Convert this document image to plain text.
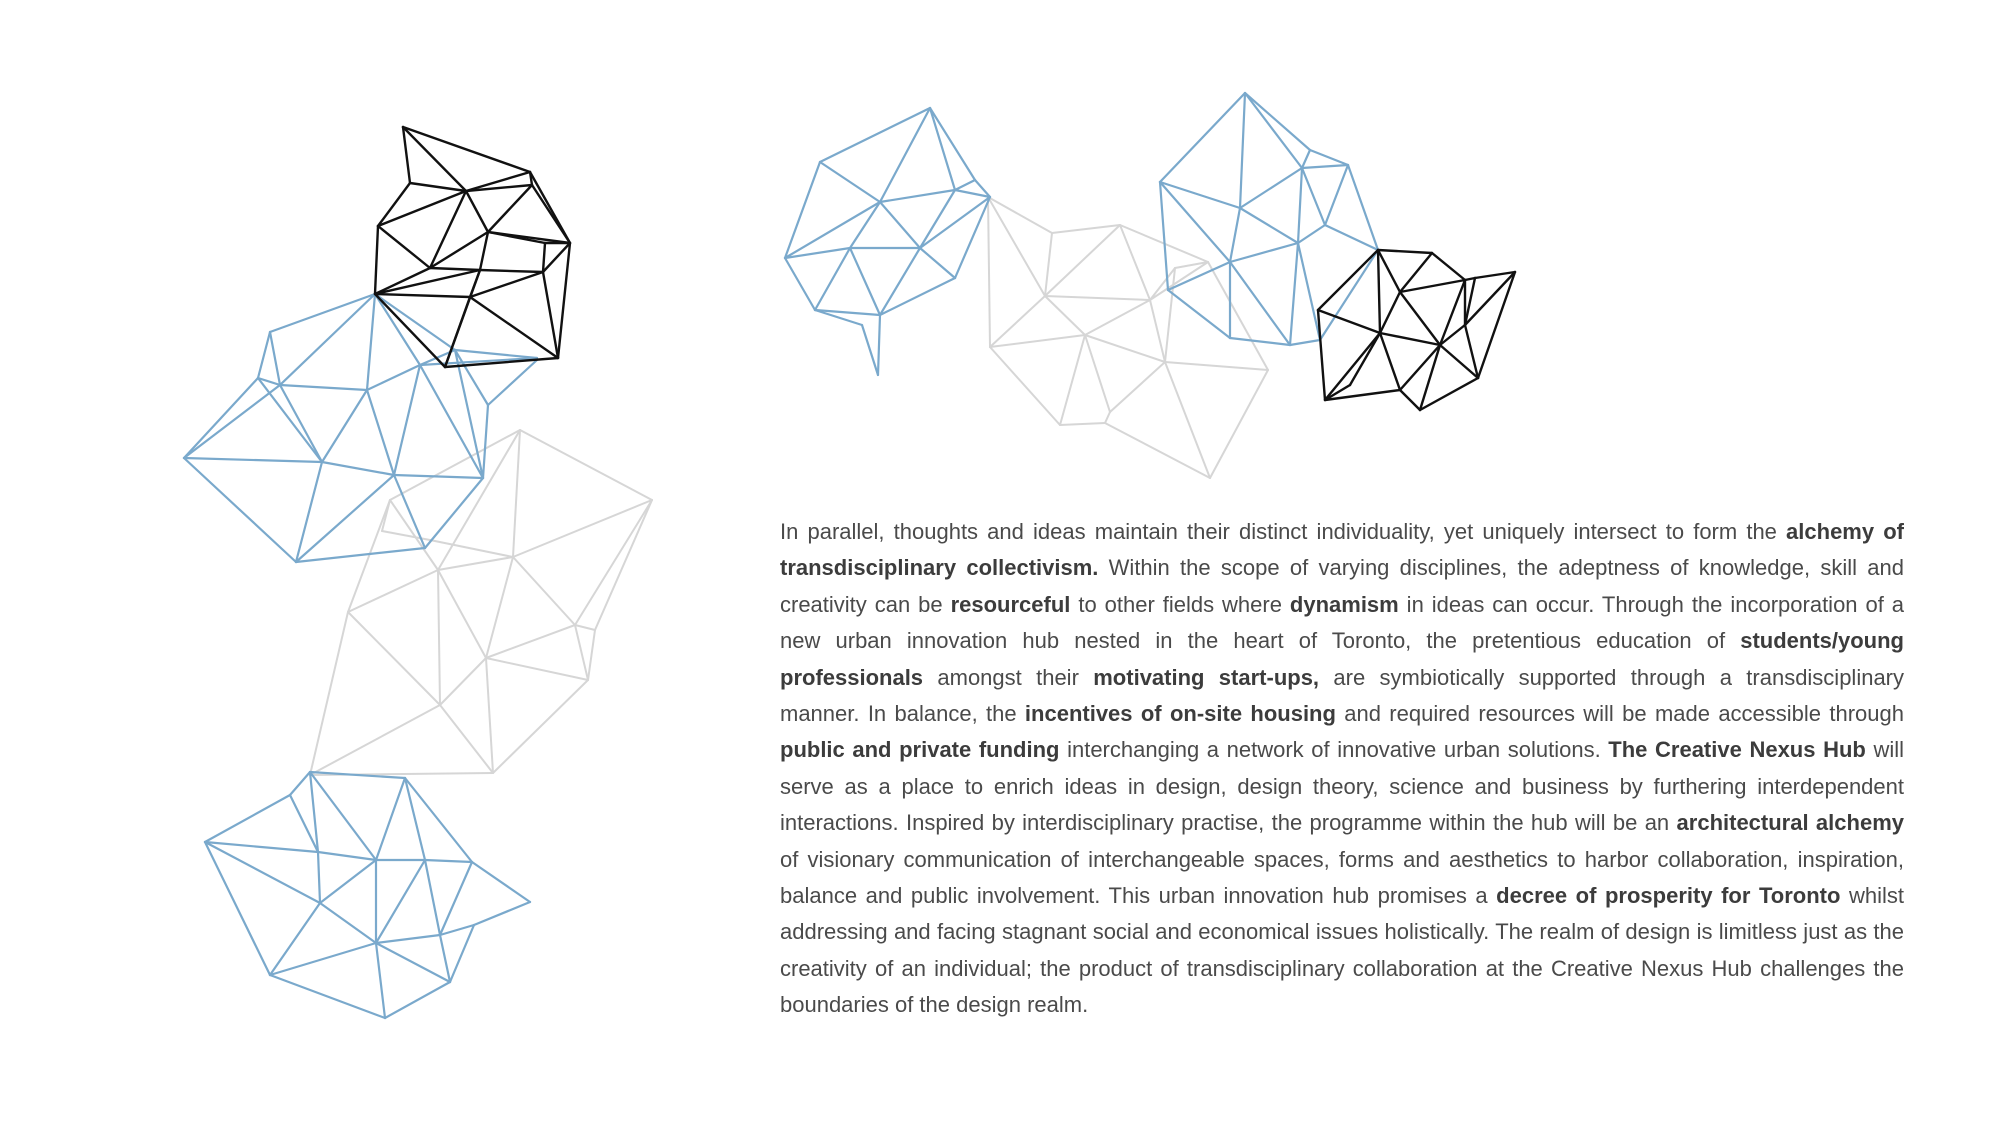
In parallel, thoughts and ideas maintain their distinct individuality, yet uniquely intersect to form the alchemy of transdisciplinary collectivism. Within the scope of varying disciplines, the adeptness of knowledge, skill and creativity can be resourceful to other fields where dynamism in ideas can occur. Through the incorporation of a new urban innovation hub nested in the heart of Toronto, the pretentious education of students/young professionals amongst their motivating start-ups, are symbiotically supported through a transdisciplinary manner. In balance, the incentives of on-site housing and required resources will be made accessible through public and private funding interchanging a network of innovative urban solutions. The Creative Nexus Hub will serve as a place to enrich ideas in design, design theory, science and business by furthering interdependent interactions. Inspired by interdisciplinary practise, the programme within the hub will be an architectural alchemy of visionary communication of interchangeable spaces, forms and aesthetics to harbor collaboration, inspiration, balance and public involvement. This urban innovation hub promises a decree of prosperity for Toronto whilst addressing and facing stagnant social and economical issues holistically. The realm of design is limitless just as the creativity of an individual; the product of transdisciplinary collaboration at the Creative Nexus Hub challenges the boundaries of the design realm.
